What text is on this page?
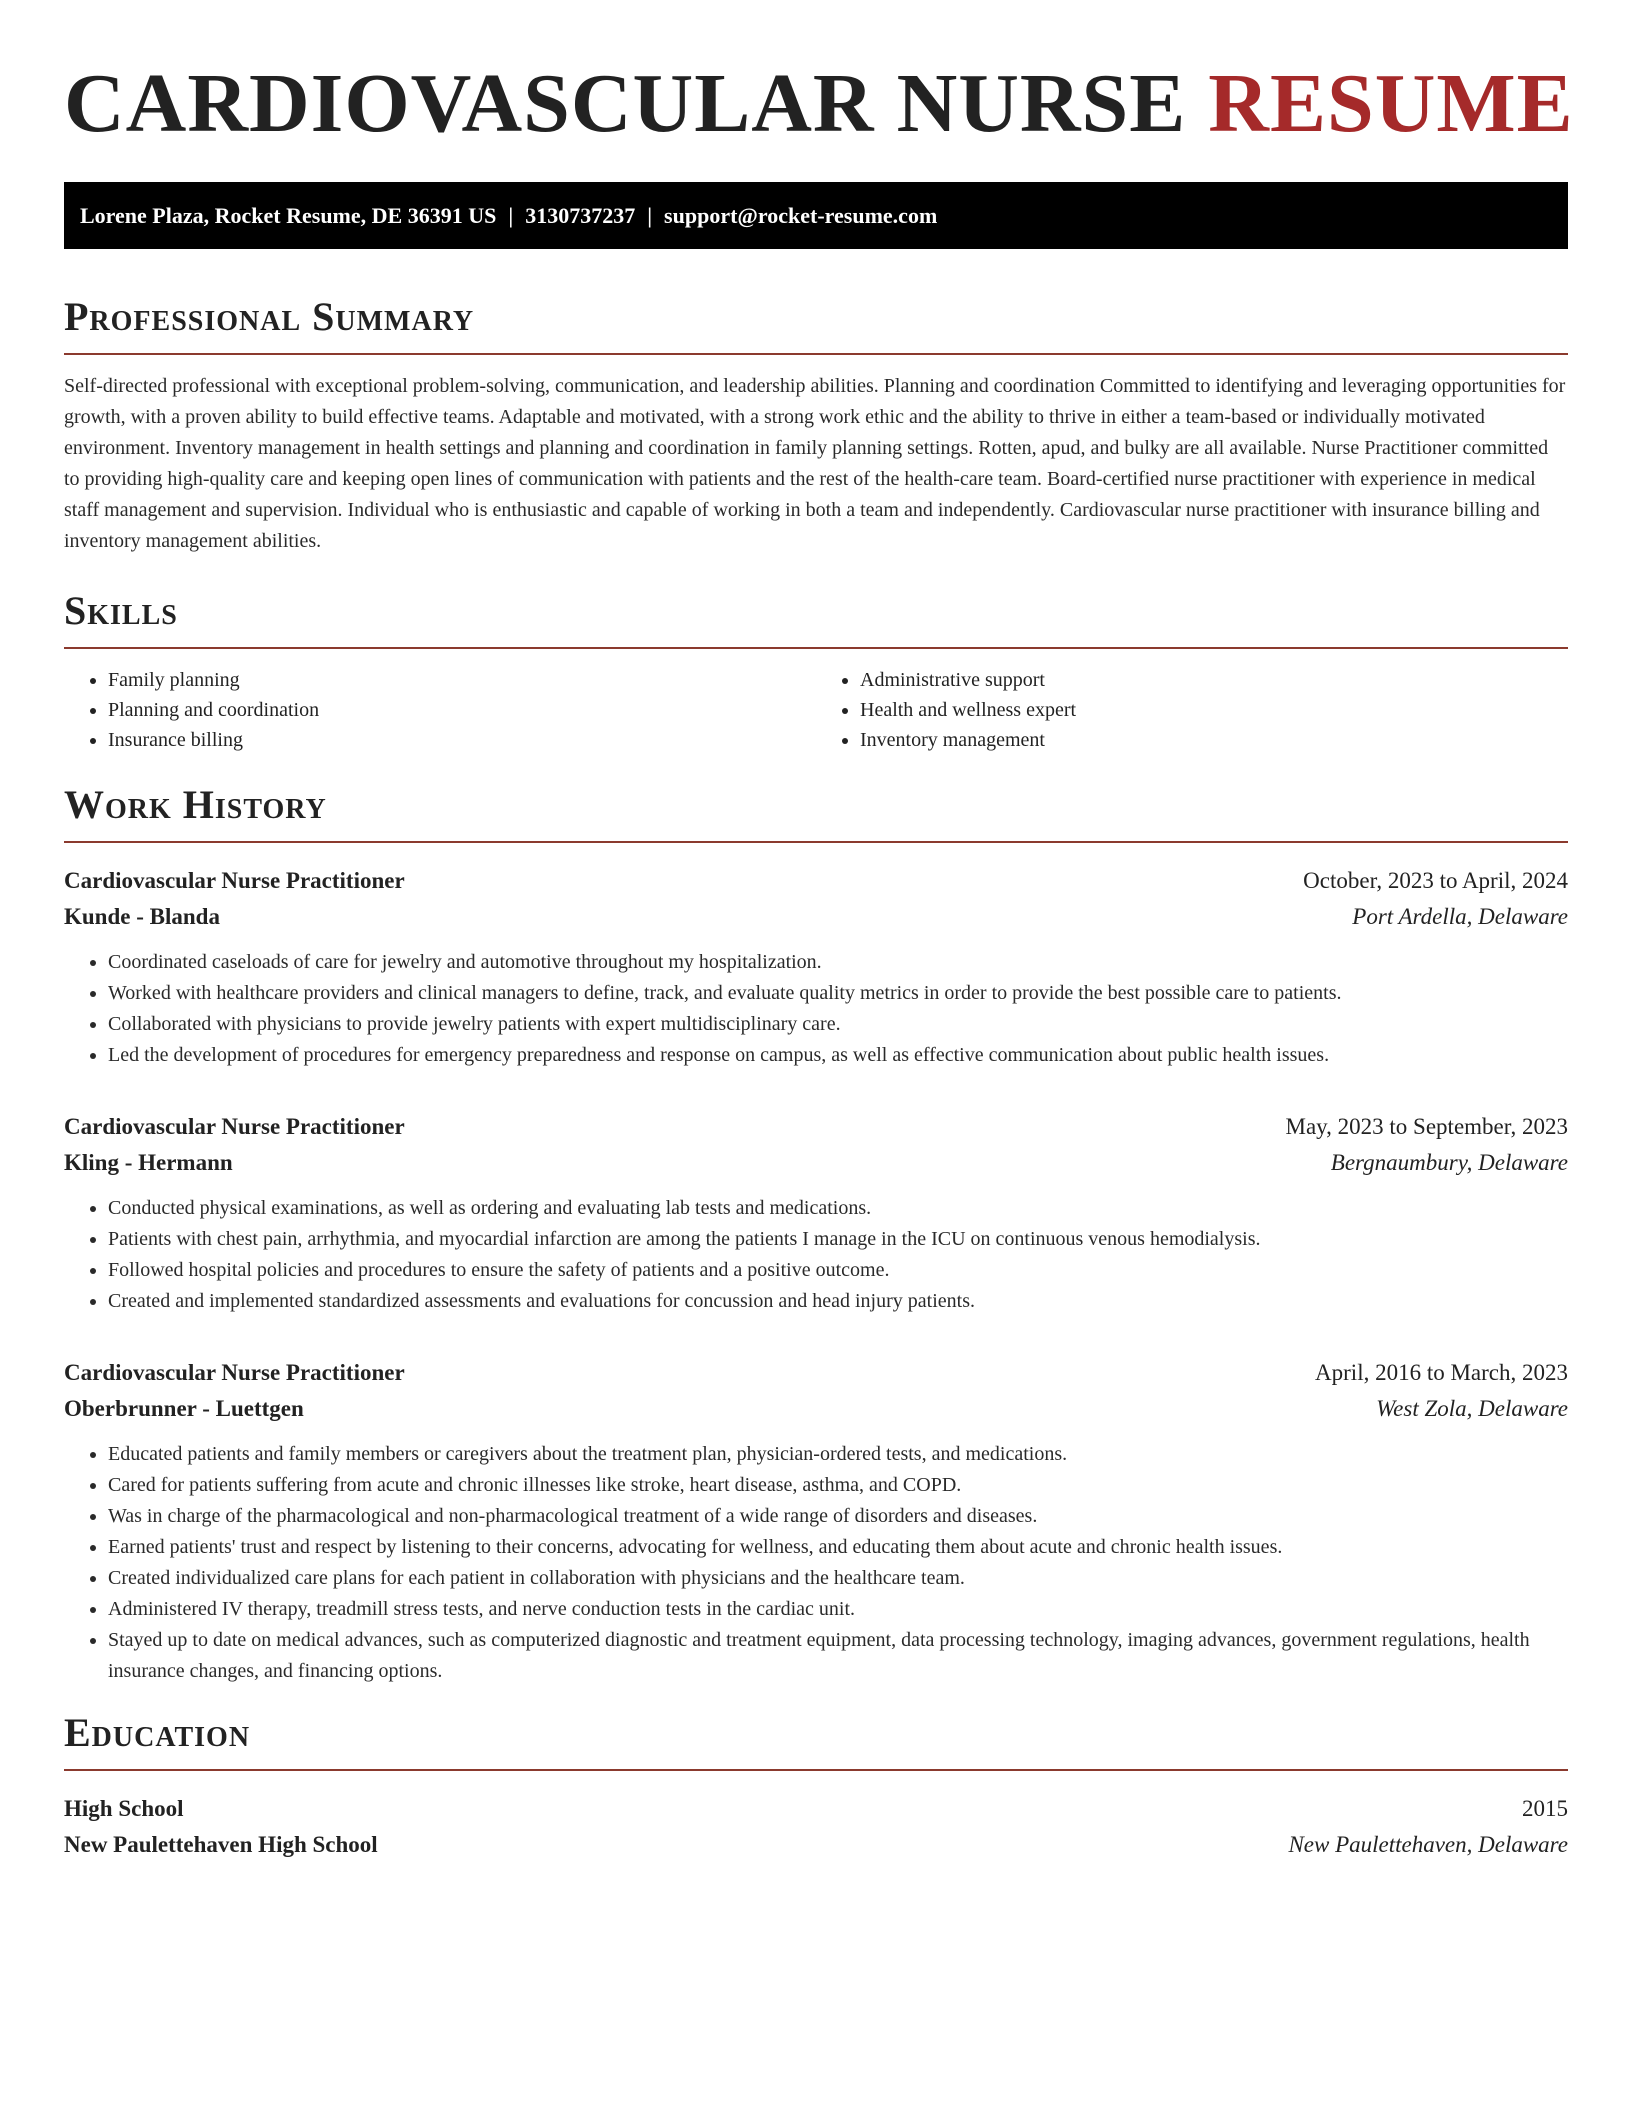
CARDIOVASCULAR NURSE RESUME
Lorene Plaza, Rocket Resume, DE 36391 US | 3130737237 | support@rocket-resume.com
Professional Summary

Self-directed professional with exceptional problem-solving, communication, and leadership abilities. Planning and coordination Committed to identifying and leveraging opportunities for growth, with a proven ability to build effective teams. Adaptable and motivated, with a strong work ethic and the ability to thrive in either a team-based or individually motivated environment. Inventory management in health settings and planning and coordination in family planning settings. Rotten, apud, and bulky are all available. Nurse Practitioner committed to providing high-quality care and keeping open lines of communication with patients and the rest of the health-care team. Board-certified nurse practitioner with experience in medical staff management and supervision. Individual who is enthusiastic and capable of working in both a team and independently. Cardiovascular nurse practitioner with insurance billing and inventory management abilities.

Skills
• Family planning
• Planning and coordination
• Insurance billing
• Administrative support
• Health and wellness expert
• Inventory management
Work History
Cardiovascular Nurse Practitioner	October, 2023 to April, 2024
Kunde - Blanda	Port Ardella, Delaware
• Coordinated caseloads of care for jewelry and automotive throughout my hospitalization.
• Worked with healthcare providers and clinical managers to define, track, and evaluate quality metrics in order to provide the best possible care to patients.
• Collaborated with physicians to provide jewelry patients with expert multidisciplinary care.
• Led the development of procedures for emergency preparedness and response on campus, as well as effective communication about public health issues.
Cardiovascular Nurse Practitioner	May, 2023 to September, 2023
Kling - Hermann	Bergnaumbury, Delaware
• Conducted physical examinations, as well as ordering and evaluating lab tests and medications.
• Patients with chest pain, arrhythmia, and myocardial infarction are among the patients I manage in the ICU on continuous venous hemodialysis.
• Followed hospital policies and procedures to ensure the safety of patients and a positive outcome.
• Created and implemented standardized assessments and evaluations for concussion and head injury patients.
Cardiovascular Nurse Practitioner	April, 2016 to March, 2023
Oberbrunner - Luettgen	West Zola, Delaware
• Educated patients and family members or caregivers about the treatment plan, physician-ordered tests, and medications.
• Cared for patients suffering from acute and chronic illnesses like stroke, heart disease, asthma, and COPD.
• Was in charge of the pharmacological and non-pharmacological treatment of a wide range of disorders and diseases.
• Earned patients' trust and respect by listening to their concerns, advocating for wellness, and educating them about acute and chronic health issues.
• Created individualized care plans for each patient in collaboration with physicians and the healthcare team.
• Administered IV therapy, treadmill stress tests, and nerve conduction tests in the cardiac unit.
• Stayed up to date on medical advances, such as computerized diagnostic and treatment equipment, data processing technology, imaging advances, government regulations, health insurance changes, and financing options.
Education
High School	2015
New Paulettehaven High School	New Paulettehaven, Delaware
